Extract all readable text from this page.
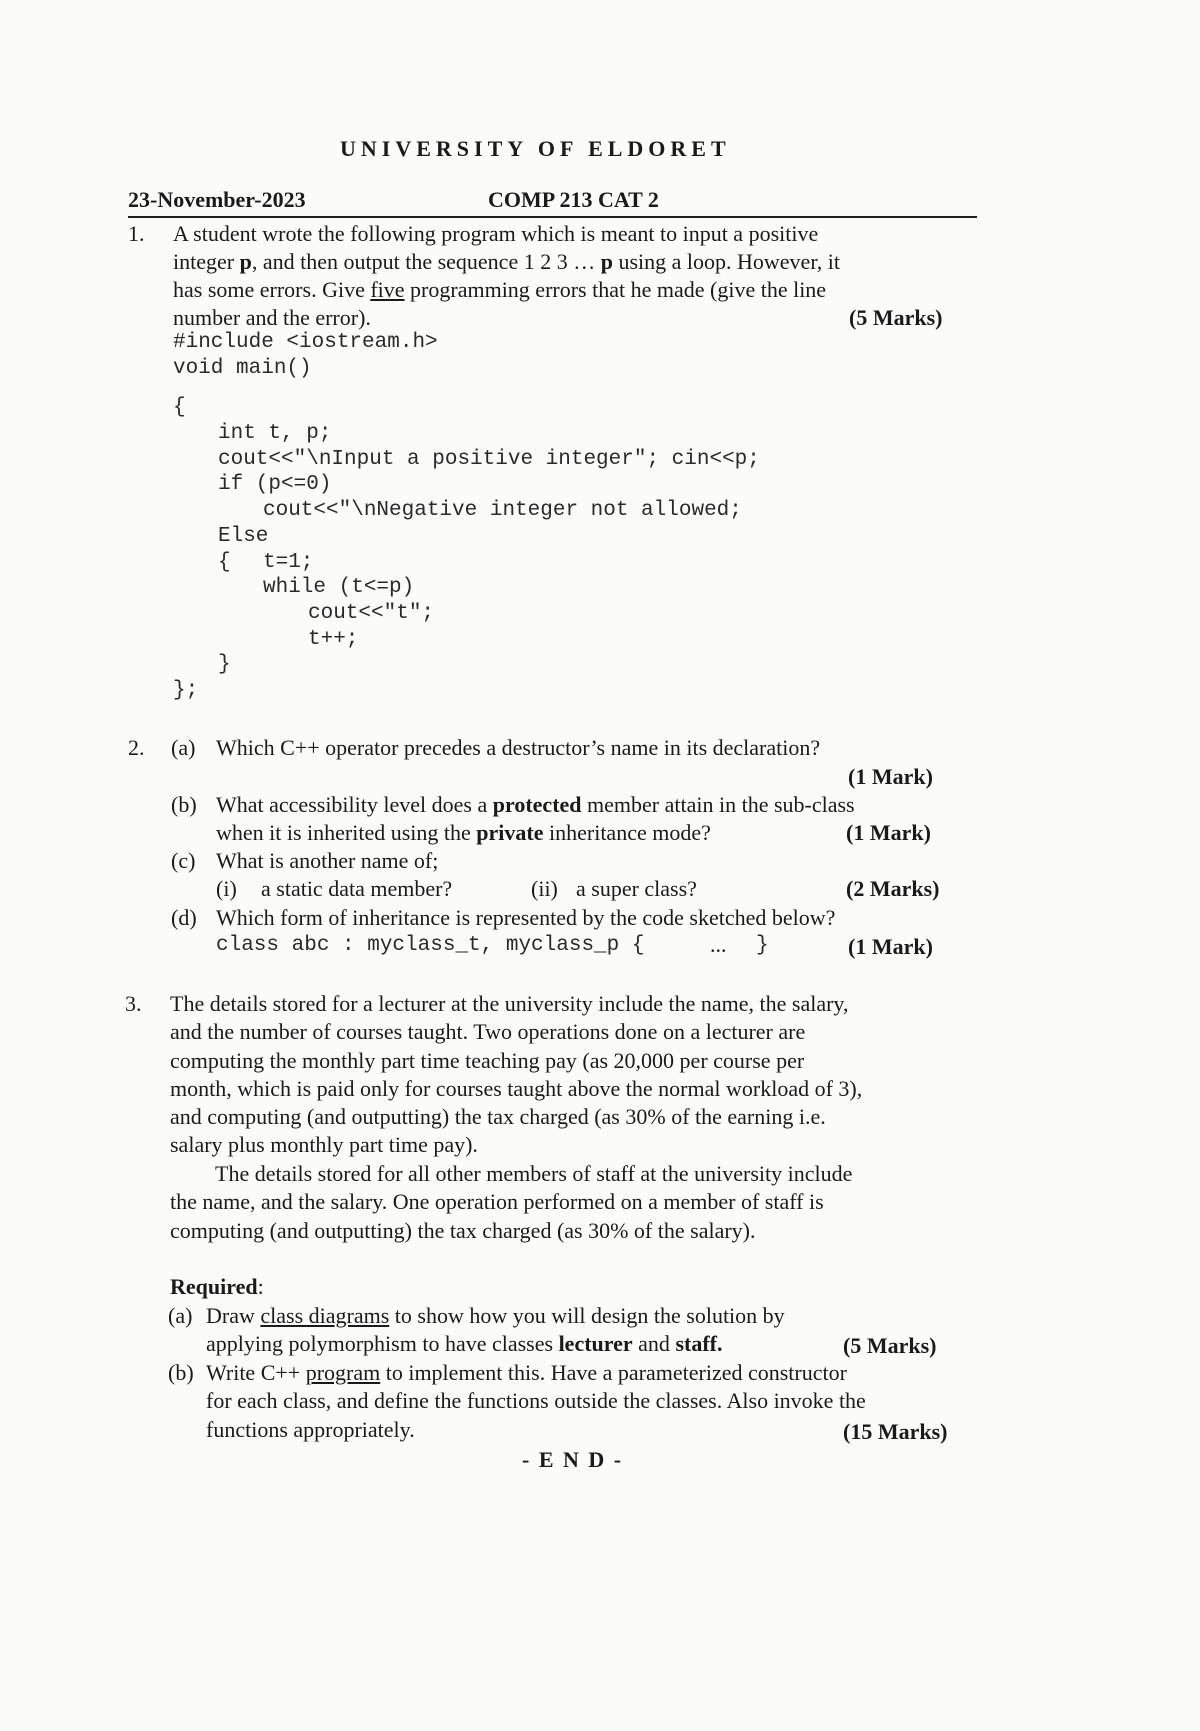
UNIVERSITY OF ELDORET
23-November-2023	COMP 213 CAT 2
1. A student wrote the following program which is meant to input a positive
integer p, and then output the sequence 1 2 3 … p using a loop. However, it
has some errors. Give five programming errors that he made (give the line
number and the error).	(5 Marks)
#include <iostream.h>
void main()
{
int t, p;
cout<<"\nInput a positive integer"; cin<<p;
if (p<=0)
cout<<"\nNegative integer not allowed;
Else
{ t=1;
while (t<=p)
cout<<"t";
t++;
}
};
2. (a) Which C++ operator precedes a destructor’s name in its declaration?
(1 Mark)
(b) What accessibility level does a protected member attain in the sub-class
when it is inherited using the private inheritance mode?	(1 Mark)
(c) What is another name of;
(i) a static data member?	(ii) a super class?	(2 Marks)
(d) Which form of inheritance is represented by the code sketched below?
class abc : myclass_t, myclass_p {	... }	(1 Mark)
3. The details stored for a lecturer at the university include the name, the salary,
and the number of courses taught. Two operations done on a lecturer are
computing the monthly part time teaching pay (as 20,000 per course per
month, which is paid only for courses taught above the normal workload of 3),
and computing (and outputting) the tax charged (as 30% of the earning i.e.
salary plus monthly part time pay).
The details stored for all other members of staff at the university include
the name, and the salary. One operation performed on a member of staff is
computing (and outputting) the tax charged (as 30% of the salary).
Required:
(a) Draw class diagrams to show how you will design the solution by
applying polymorphism to have classes lecturer and staff.	(5 Marks)
(b) Write C++ program to implement this. Have a parameterized constructor
for each class, and define the functions outside the classes. Also invoke the
functions appropriately.	(15 Marks)
- E N D -
